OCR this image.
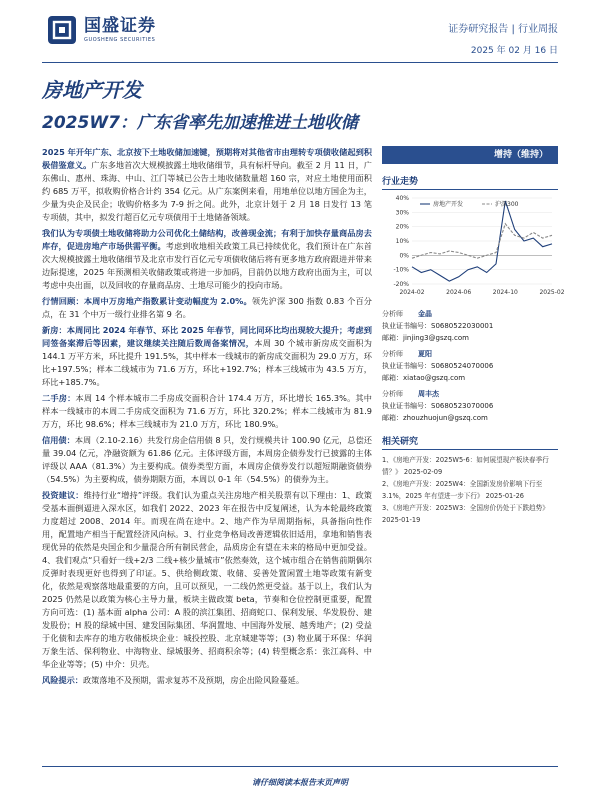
国盛证券
GUOSHENG SECURITIES
证券研究报告 | 行业周报
2025 年 02 月 16 日
房地产开发
2025W7：广东省率先加速推进土地收储

2025 年开年广东、北京按下土地收储加速键，预期将对其他省市由理转专项债收储起到积极借鉴意义。广东多地首次大规模披露土地收储细节，具有标杆导向。截至 2 月 11 日，广东佛山、惠州、珠海、中山、江门等城已公告土地收储数量超 160 宗，对应土地使用面积约 685 万平，拟收购价格合计约 354 亿元。从广东案例来看，用地单位以地方国企为主，少量为央企及民企；收购价格多为 7-9 折之间。此外，北京计划于 2 月 18 日发行 13 笔专项债，其中，拟发行超百亿元专项债用于土地储备领域。

我们认为专项债土地收储将助力公司优化土储结构，改善现金流；有利于加快存量商品房去库存，促进房地产市场供需平衡。考虑到收地相关政策工具已持续优化，我们预计在广东首次大规模披露土地收储细节及北京市发行百亿元专项债收储后将有更多地方政府跟进并带来边际提速，2025 年预测相关收储政策或将进一步加码，目前仍以地方政府出面为主，可以考虑中央出面，以及回收的存量商品房、土地尽可能少的投向市场。

行情回顾：本周中万房地产指数累计变动幅度为 2.0%。领先沪深 300 指数 0.83 个百分点，在 31 个中万一级行业排名第 9 名。

新房：本周同比 2024 年春节、环比 2025 年春节，同比同环比均出现较大提升；考虑到同签备案滞后等因素，建议继续关注随后数周备案情况，本周 30 个城市新房成交面积为 144.1 万平方米，环比提升 191.5%，其中样本一线城市的新房成交面积为 29.0 万方，环比+197.5%；样本二线城市为 71.6 万方，环比+192.7%；样本三线城市为 43.5 万方，环比+185.7%。

二手房：本周 14 个样本城市二手房成交面积合计 174.4 万方，环比增长 165.3%。其中样本一线城市的本周二手房成交面积为 71.6 万方，环比 320.2%；样本二线城市为 81.9 万方，环比 98.6%；样本三线城市为 21.0 万方，环比 180.9%。

信用债：本周（2.10-2.16）共发行房企信用债 8 只，发行规模共计 100.90 亿元，总偿还量 39.04 亿元，净融资额为 61.86 亿元。主体评级方面，本周房企债券发行已披露的主体评级以 AAA（81.3%）为主要构成。债券类型方面，本周房企债券发行以超短期融资债券（54.5%）为主要构成，债券期限方面，本周以 0-1 年（54.5%）的债券为主。

投资建议：维持行业“增持”评级。我们认为重点关注房地产相关股票有以下理由：1、政策受基本面倒逼进入深水区，如我们 2022、2023 年在报告中反复阐述，认为本轮最终政策力度超过 2008、2014 年。而现在尚在途中。2、地产作为早周期指标，具备指向性作用，配置地产相当于配置经济风向标。3、行业竞争格局改善逻辑依旧适用，拿地和销售表现优异的依然是央国企和少量混合所有制民营企，品质房企有望在未来的格局中更加受益。4、我们观点“只看好一线+2/3 二线+核少量城市”依然奏效，这个城市组合在销售前期偶尔反弹时表现更好也得到了印证。5、供给侧政策、收储、妥善处置闲置土地等政策有新变化，依然是观察落地最重要的方向，且可以预见，一二线仍然更受益。基于以上，我们认为 2025 仍然是以政策为核心主导力量，板块主做政策 beta，节奏和仓位控制更重要，配置方向可选：(1) 基本面 alpha 公司：A 股的滨江集团、招商蛇口、保利发展、华发股份、建发股份；H 股的绿城中国、建发国际集团、华润置地、中国海外发展、越秀地产；(2) 受益于化债和去库存的地方收储板块企业：城投控股、北京城建等等；(3) 物业属于环保：华润万象生活、保利物业、中海物业、绿城服务、招商积余等；(4) 转型概念系：张江高科、中华企业等等；(5) 中介：贝壳。

风险提示：政策落地不及预期，需求复苏不及预期，房企出险风险蔓延。

增持（维持）
行业走势
40%
30%
20%
10%
0%
-10%
-20%
2024-02	2024-06	2024-10	2025-02
房地产开发	沪深300
分析师	金晶
执业证书编号：S0680522030001
邮箱：jinjing3@gszq.com
分析师	夏阳
执业证书编号：S0680524070006
邮箱：xiatao@gszq.com
分析师	周丰杰
执业证书编号：S0680523070006
邮箱：zhouzhuojun@gszq.com
相关研究
1、《房地产开发：2025W5-6：如何展望现产板块春季行情？》 2025-02-09
2、《房地产开发：2025W4：全国新发房价影响下行至 3.1%，2025 年有望进一步下行》 2025-01-26
3、《房地产开发：2025W3：全国房价仍处于下跌趋势》 2025-01-19
请仔细阅读本报告末页声明
